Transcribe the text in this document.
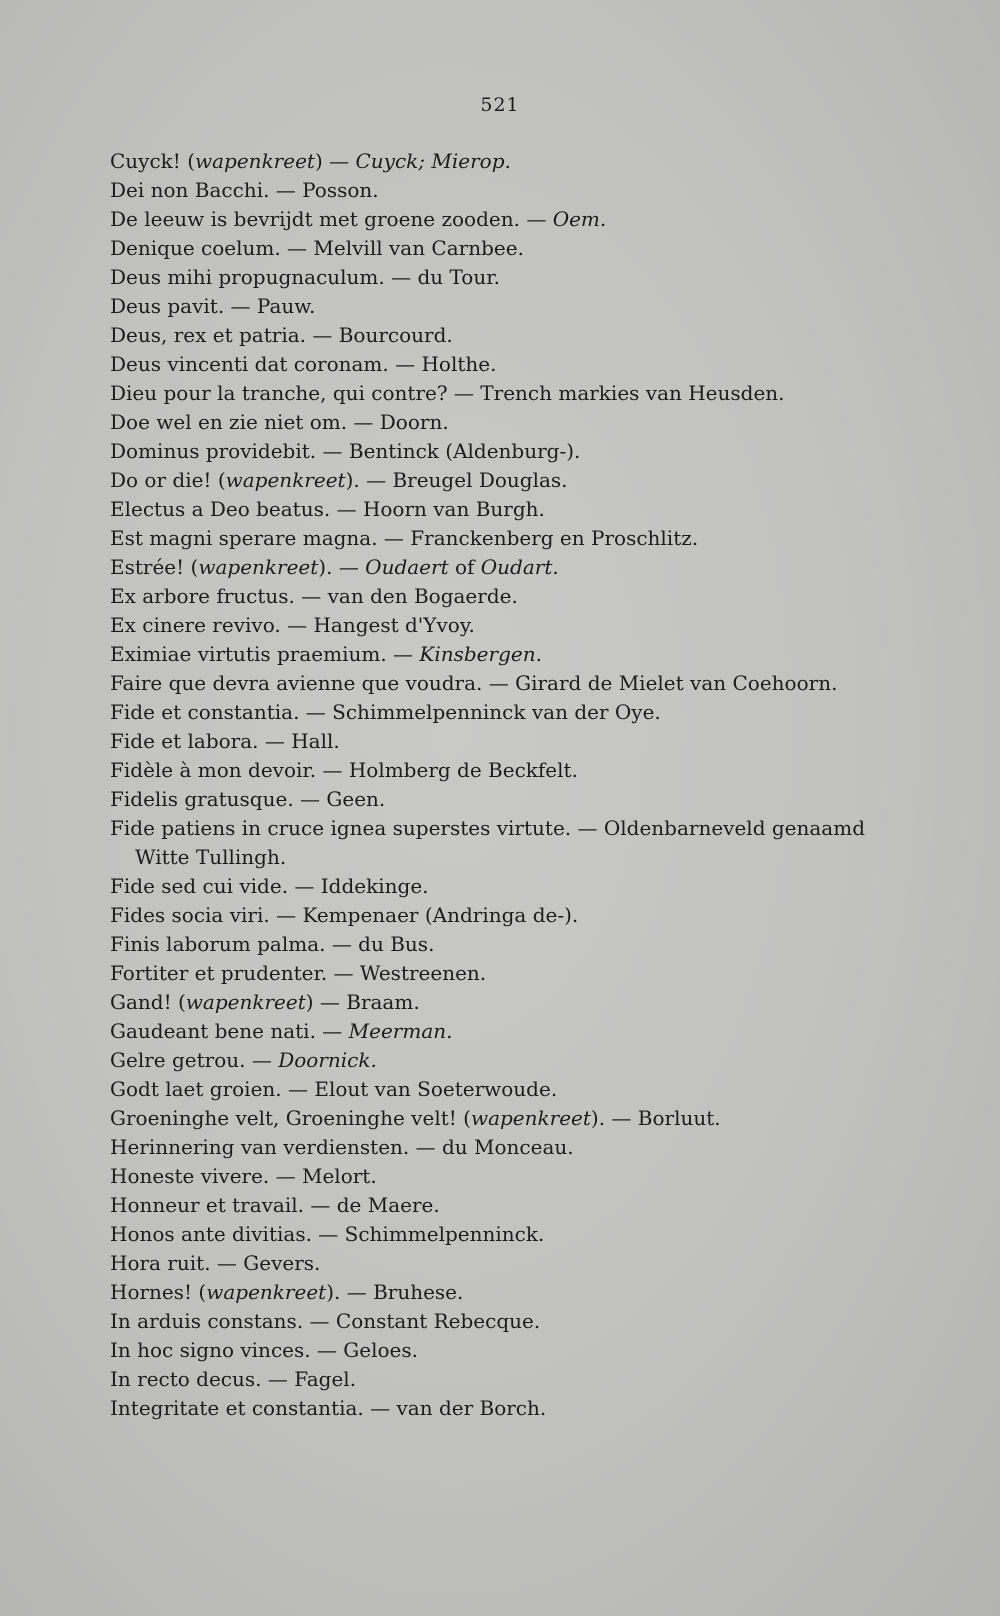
521
Cuyck! (wapenkreet) — Cuyck; Mierop.
Dei non Bacchi. — Posson.
De leeuw is bevrijdt met groene zooden. — Oem.
Denique coelum. — Melvill van Carnbee.
Deus mihi propugnaculum. — du Tour.
Deus pavit. — Pauw.
Deus, rex et patria. — Bourcourd.
Deus vincenti dat coronam. — Holthe.
Dieu pour la tranche, qui contre? — Trench markies van Heusden.
Doe wel en zie niet om. — Doorn.
Dominus providebit. — Bentinck (Aldenburg-).
Do or die! (wapenkreet). — Breugel Douglas.
Electus a Deo beatus. — Hoorn van Burgh.
Est magni sperare magna. — Franckenberg en Proschlitz.
Estrée! (wapenkreet). — Oudaert of Oudart.
Ex arbore fructus. — van den Bogaerde.
Ex cinere revivo. — Hangest d'Yvoy.
Eximiae virtutis praemium. — Kinsbergen.
Faire que devra avienne que voudra. — Girard de Mielet van Coehoorn.
Fide et constantia. — Schimmelpenninck van der Oye.
Fide et labora. — Hall.
Fidèle à mon devoir. — Holmberg de Beckfelt.
Fidelis gratusque. — Geen.
Fide patiens in cruce ignea superstes virtute. — Oldenbarneveld genaamd
Witte Tullingh.
Fide sed cui vide. — Iddekinge.
Fides socia viri. — Kempenaer (Andringa de-).
Finis laborum palma. — du Bus.
Fortiter et prudenter. — Westreenen.
Gand! (wapenkreet) — Braam.
Gaudeant bene nati. — Meerman.
Gelre getrou. — Doornick.
Godt laet groien. — Elout van Soeterwoude.
Groeninghe velt, Groeninghe velt! (wapenkreet). — Borluut.
Herinnering van verdiensten. — du Monceau.
Honeste vivere. — Melort.
Honneur et travail. — de Maere.
Honos ante divitias. — Schimmelpenninck.
Hora ruit. — Gevers.
Hornes! (wapenkreet). — Bruhese.
In arduis constans. — Constant Rebecque.
In hoc signo vinces. — Geloes.
In recto decus. — Fagel.
Integritate et constantia. — van der Borch.
